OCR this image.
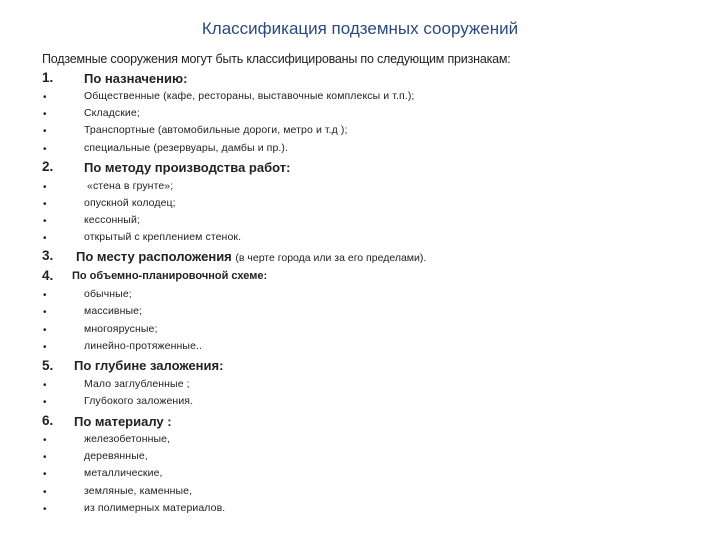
Классификация подземных сооружений
Подземные сооружения могут быть классифицированы по следующим признакам:
1. По назначению:
•	Общественные (кафе, рестораны, выставочные комплексы и т.п.);
•	Складские;
•	Транспортные (автомобильные дороги, метро и т.д );
•	специальные (резервуары, дамбы и пр.).
2. По методу производства работ:
•	«стена в грунте»;
•	опускной колодец;
•	кессонный;
•	открытый с креплением стенок.
3. По месту расположения (в черте города или за его пределами).
4. По объемно-планировочной схеме:
•	обычные;
•	массивные;
•	многоярусные;
•	линейно-протяженные..
5. По глубине заложения:
•	Мало заглубленные ;
•	Глубокого заложения.
6. По материалу :
•	железобетонные,
•	деревянные,
•	металлические,
•	земляные, каменные,
•	из полимерных материалов.
